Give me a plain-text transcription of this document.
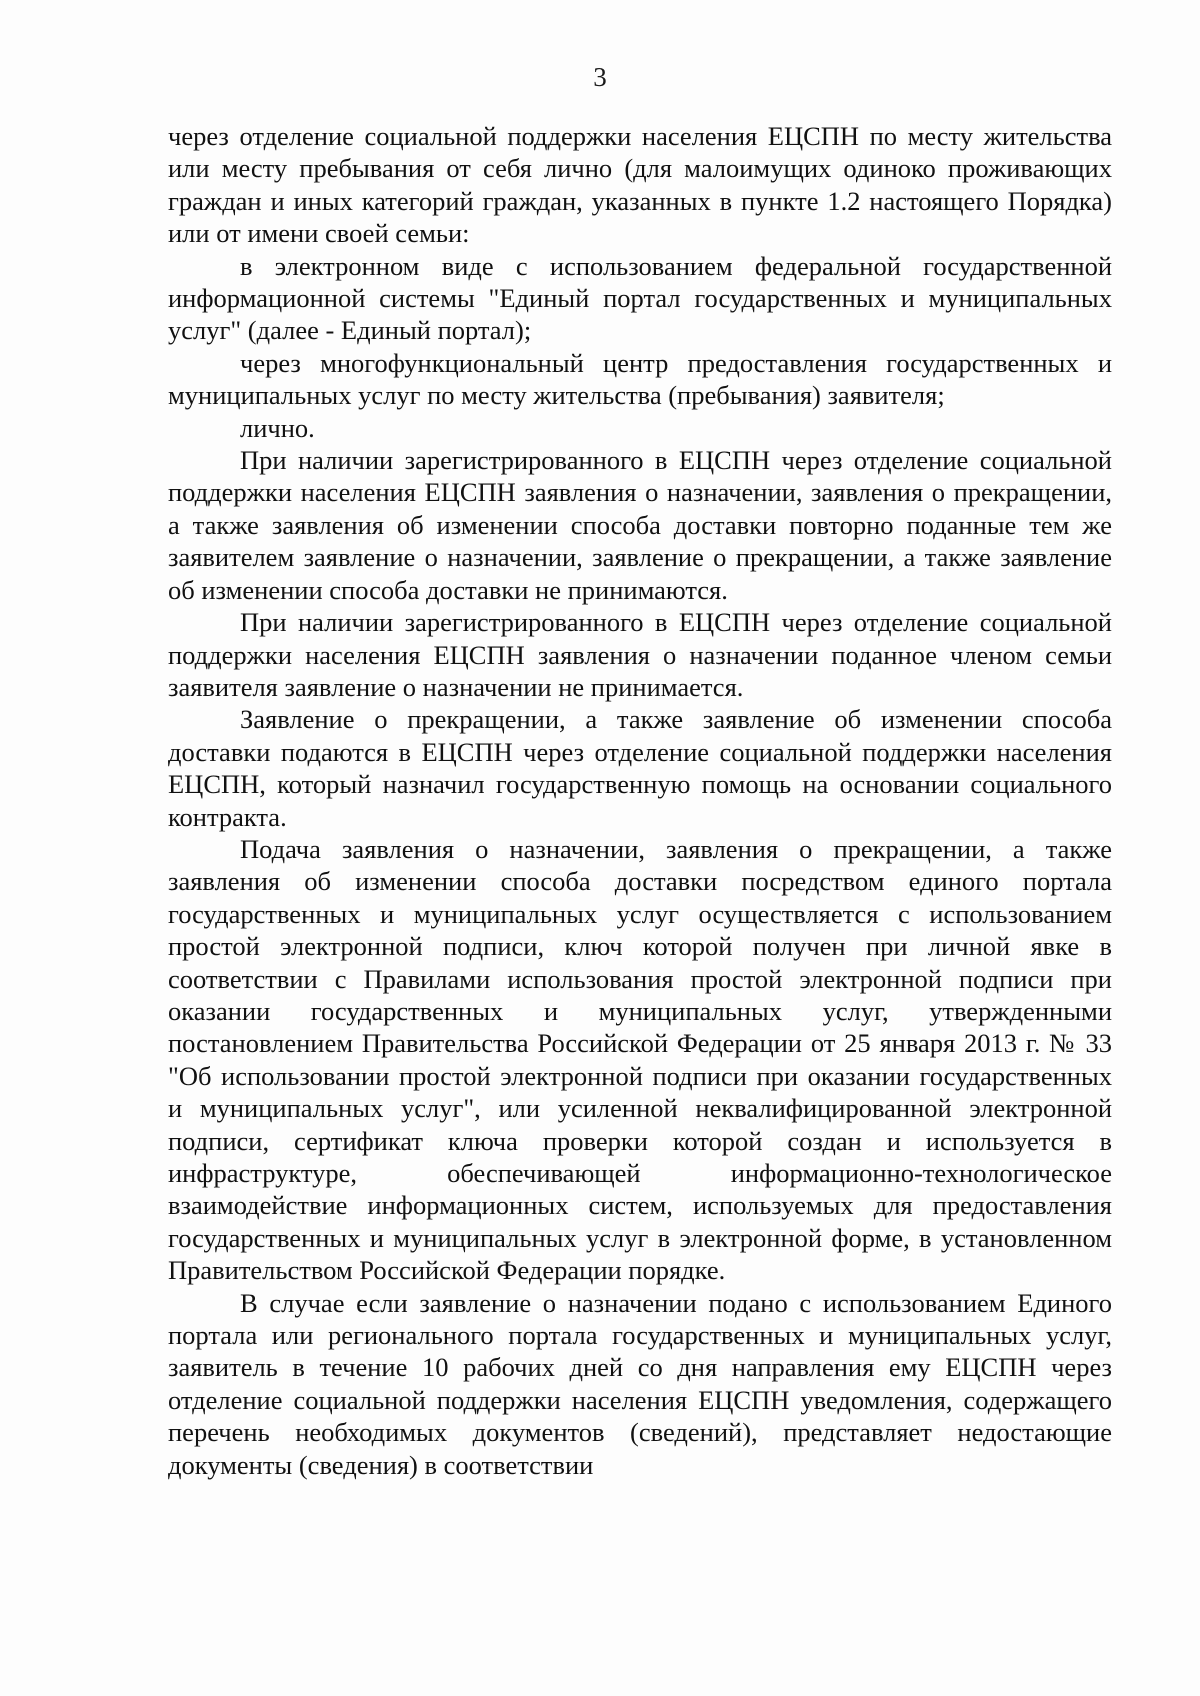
3

через отделение социальной поддержки населения ЕЦСПН по месту жительства или месту пребывания от себя лично (для малоимущих одиноко проживающих граждан и иных категорий граждан, указанных в пункте 1.2 настоящего Порядка) или от имени своей семьи:

в электронном виде с использованием федеральной государственной информационной системы "Единый портал государственных и муниципальных услуг" (далее - Единый портал);

через многофункциональный центр предоставления государственных и муниципальных услуг по месту жительства (пребывания) заявителя;

лично.

При наличии зарегистрированного в ЕЦСПН через отделение социальной поддержки населения ЕЦСПН заявления о назначении, заявления о прекращении, а также заявления об изменении способа доставки повторно поданные тем же заявителем заявление о назначении, заявление о прекращении, а также заявление об изменении способа доставки не принимаются.

При наличии зарегистрированного в ЕЦСПН через отделение социальной поддержки населения ЕЦСПН заявления о назначении поданное членом семьи заявителя заявление о назначении не принимается.

Заявление о прекращении, а также заявление об изменении способа доставки подаются в ЕЦСПН через отделение социальной поддержки населения ЕЦСПН, который назначил государственную помощь на основании социального контракта.

Подача заявления о назначении, заявления о прекращении, а также заявления об изменении способа доставки посредством единого портала государственных и муниципальных услуг осуществляется с использованием простой электронной подписи, ключ которой получен при личной явке в соответствии с Правилами использования простой электронной подписи при оказании государственных и муниципальных услуг, утвержденными постановлением Правительства Российской Федерации от 25 января 2013 г. № 33 "Об использовании простой электронной подписи при оказании государственных и муниципальных услуг", или усиленной неквалифицированной электронной подписи, сертификат ключа проверки которой создан и используется в инфраструктуре, обеспечивающей информационно-технологическое взаимодействие информационных систем, используемых для предоставления государственных и муниципальных услуг в электронной форме, в установленном Правительством Российской Федерации порядке.

В случае если заявление о назначении подано с использованием Единого портала или регионального портала государственных и муниципальных услуг, заявитель в течение 10 рабочих дней со дня направления ему ЕЦСПН через отделение социальной поддержки населения ЕЦСПН уведомления, содержащего перечень необходимых документов (сведений), представляет недостающие документы (сведения) в соответствии
